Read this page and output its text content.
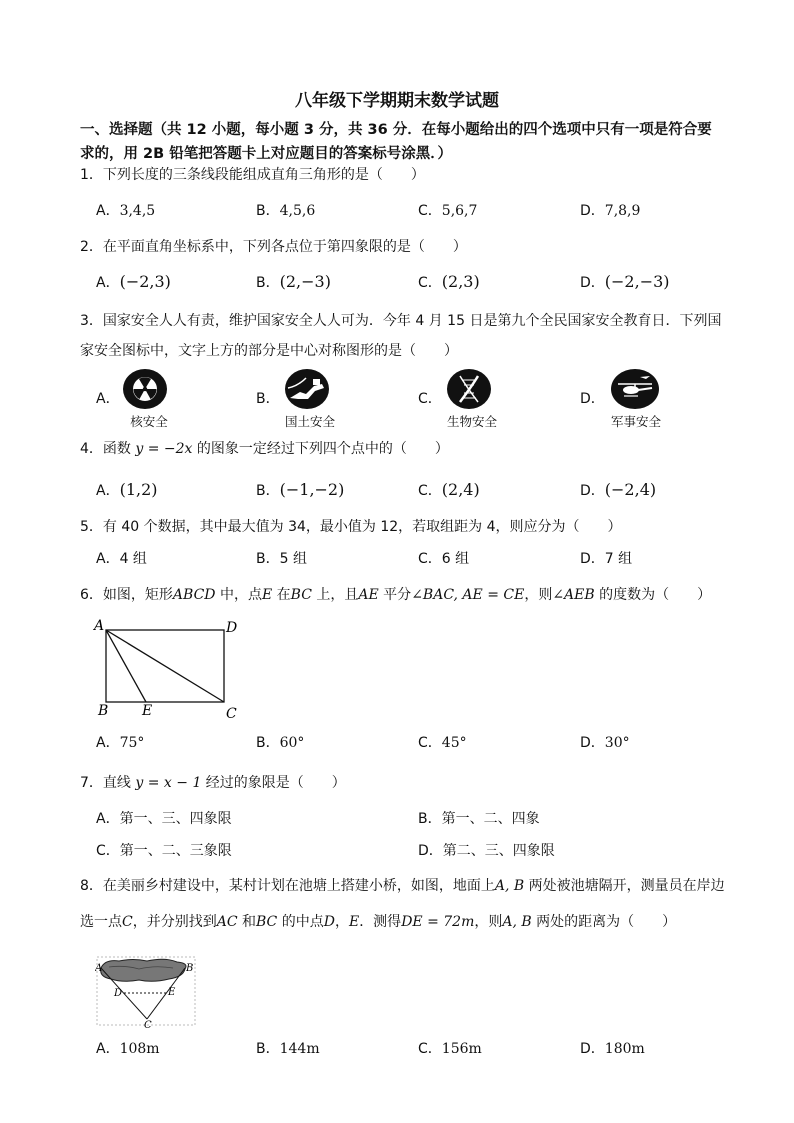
八年级下学期期末数学试题
一、选择题（共 12 小题，每小题 3 分，共 36 分．在每小题给出的四个选项中只有一项是符合要
求的，用 2B 铅笔把答题卡上对应题目的答案标号涂黑．）
1．下列长度的三条线段能组成直角三角形的是（　　）
A．3,4,5	B．4,5,6	C．5,6,7	D．7,8,9
2．在平面直角坐标系中，下列各点位于第四象限的是（　　）
A．(−2,3)	B．(2,−3)	C．(2,3)	D．(−2,−3)
3．国家安全人人有责，维护国家安全人人可为．今年 4 月 15 日是第九个全民国家安全教育日．下列国
家安全图标中，文字上方的部分是中心对称图形的是（　　）
A．
核安全
B．
国土安全
C．
生物安全
D．
军事安全
4．函数 y = −2x 的图象一定经过下列四个点中的（　　）
A．(1,2)	B．(−1,−2)	C．(2,4)	D．(−2,4)
5．有 40 个数据，其中最大值为 34，最小值为 12，若取组距为 4，则应分为（　　）
A．4 组	B．5 组	C．6 组	D．7 组
6．如图，矩形ABCD 中，点E 在BC 上，且AE 平分∠BAC, AE = CE，则∠AEB 的度数为（　　）
A	D
B E	C
A．75°	B．60°	C．45°	D．30°
7．直线 y = x − 1 经过的象限是（　　）
A．第一、三、四象限	B．第一、二、四象
C．第一、二、三象限	D．第二、三、四象限
8．在美丽乡村建设中，某村计划在池塘上搭建小桥，如图，地面上A, B 两处被池塘隔开，测量员在岸边
选一点C，并分别找到AC 和BC 的中点D，E．测得DE = 72m，则A, B 两处的距离为（　　）
A	B
D	E
C
A．108m	B．144m	C．156m	D．180m
